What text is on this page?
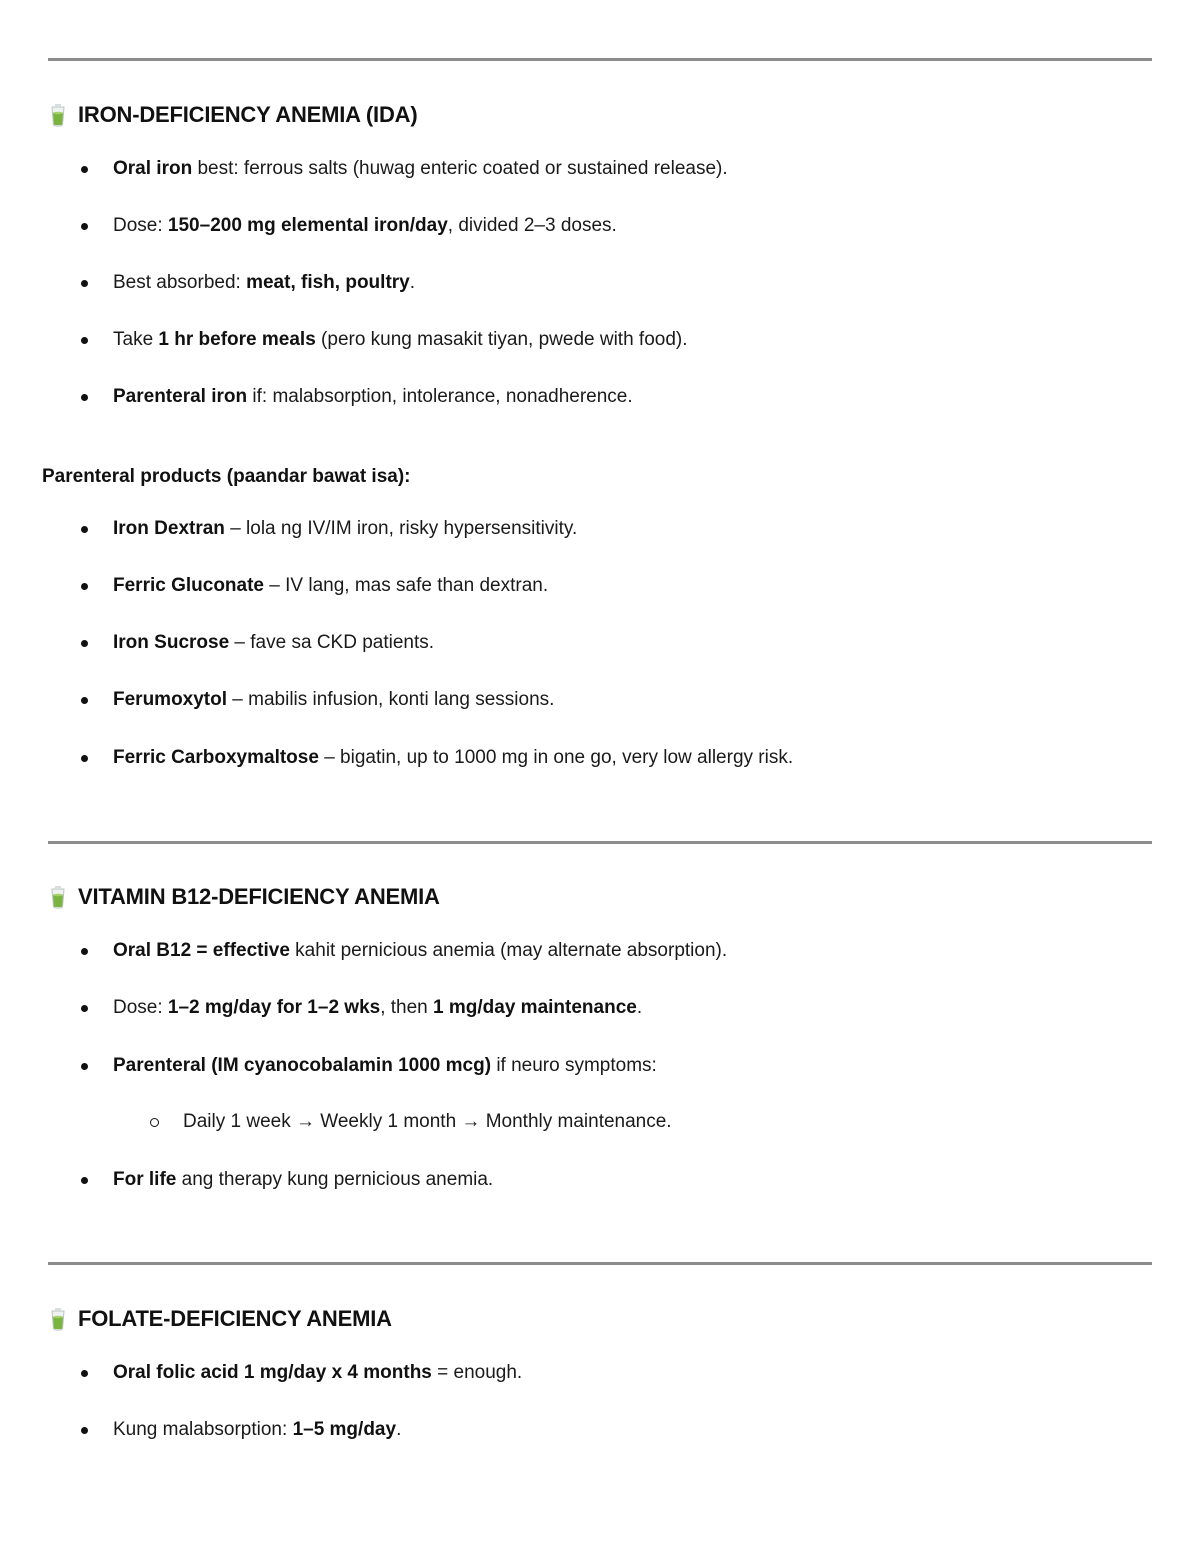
IRON-DEFICIENCY ANEMIA (IDA)
Oral iron best: ferrous salts (huwag enteric coated or sustained release).
Dose: 150–200 mg elemental iron/day, divided 2–3 doses.
Best absorbed: meat, fish, poultry.
Take 1 hr before meals (pero kung masakit tiyan, pwede with food).
Parenteral iron if: malabsorption, intolerance, nonadherence.
Parenteral products (paandar bawat isa):
Iron Dextran – lola ng IV/IM iron, risky hypersensitivity.
Ferric Gluconate – IV lang, mas safe than dextran.
Iron Sucrose – fave sa CKD patients.
Ferumoxytol – mabilis infusion, konti lang sessions.
Ferric Carboxymaltose – bigatin, up to 1000 mg in one go, very low allergy risk.
VITAMIN B12-DEFICIENCY ANEMIA
Oral B12 = effective kahit pernicious anemia (may alternate absorption).
Dose: 1–2 mg/day for 1–2 wks, then 1 mg/day maintenance.
Parenteral (IM cyanocobalamin 1000 mcg) if neuro symptoms:
Daily 1 week → Weekly 1 month → Monthly maintenance.
For life ang therapy kung pernicious anemia.
FOLATE-DEFICIENCY ANEMIA
Oral folic acid 1 mg/day x 4 months = enough.
Kung malabsorption: 1–5 mg/day.
